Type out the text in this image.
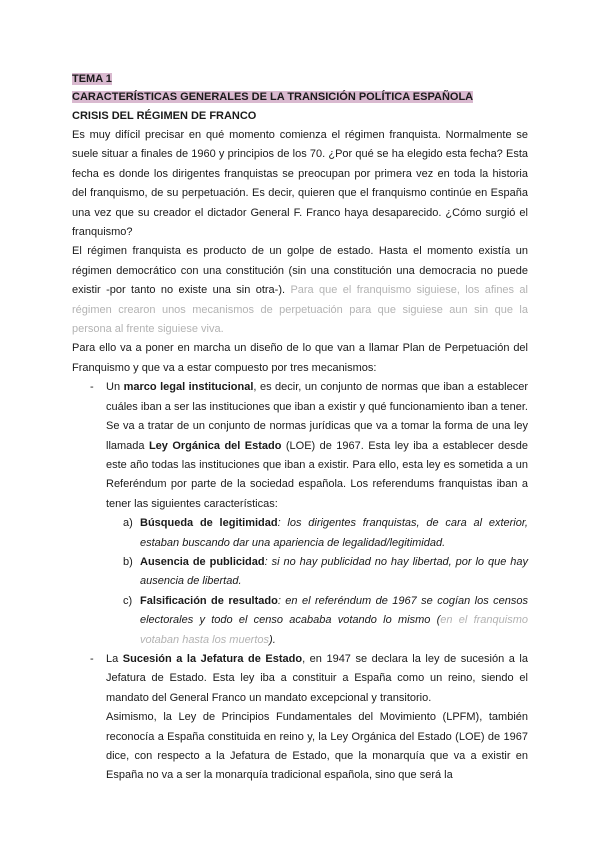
TEMA 1

CARACTERÍSTICAS GENERALES DE LA TRANSICIÓN POLÍTICA ESPAÑOLA

CRISIS DEL RÉGIMEN DE FRANCO

Es muy difícil precisar en qué momento comienza el régimen franquista. Normalmente se suele situar a finales de 1960 y principios de los 70. ¿Por qué se ha elegido esta fecha? Esta fecha es donde los dirigentes franquistas se preocupan por primera vez en toda la historia del franquismo, de su perpetuación. Es decir, quieren que el franquismo continúe en España una vez que su creador el dictador General F. Franco haya desaparecido. ¿Cómo surgió el franquismo?

El régimen franquista es producto de un golpe de estado. Hasta el momento existía un régimen democrático con una constitución (sin una constitución una democracia no puede existir -por tanto no existe una sin otra-). Para que el franquismo siguiese, los afines al régimen crearon unos mecanismos de perpetuación para que siguiese aun sin que la persona al frente siguiese viva.

Para ello va a poner en marcha un diseño de lo que van a llamar Plan de Perpetuación del Franquismo y que va a estar compuesto por tres mecanismos:

- Un marco legal institucional, es decir, un conjunto de normas que iban a establecer cuáles iban a ser las instituciones que iban a existir y qué funcionamiento iban a tener. Se va a tratar de un conjunto de normas jurídicas que va a tomar la forma de una ley llamada Ley Orgánica del Estado (LOE) de 1967. Esta ley iba a establecer desde este año todas las instituciones que iban a existir. Para ello, esta ley es sometida a un Referéndum por parte de la sociedad española. Los referendums franquistas iban a tener las siguientes características:
a) Búsqueda de legitimidad: los dirigentes franquistas, de cara al exterior, estaban buscando dar una apariencia de legalidad/legitimidad.
b) Ausencia de publicidad: si no hay publicidad no hay libertad, por lo que hay ausencia de libertad.
c) Falsificación de resultado: en el referéndum de 1967 se cogían los censos electorales y todo el censo acababa votando lo mismo (en el franquismo votaban hasta los muertos).
- La Sucesión a la Jefatura de Estado, en 1947 se declara la ley de sucesión a la Jefatura de Estado. Esta ley iba a constituir a España como un reino, siendo el mandato del General Franco un mandato excepcional y transitorio.
Asimismo, la Ley de Principios Fundamentales del Movimiento (LPFM), también reconocía a España constituida en reino y, la Ley Orgánica del Estado (LOE) de 1967 dice, con respecto a la Jefatura de Estado, que la monarquía que va a existir en España no va a ser la monarquía tradicional española, sino que será la
